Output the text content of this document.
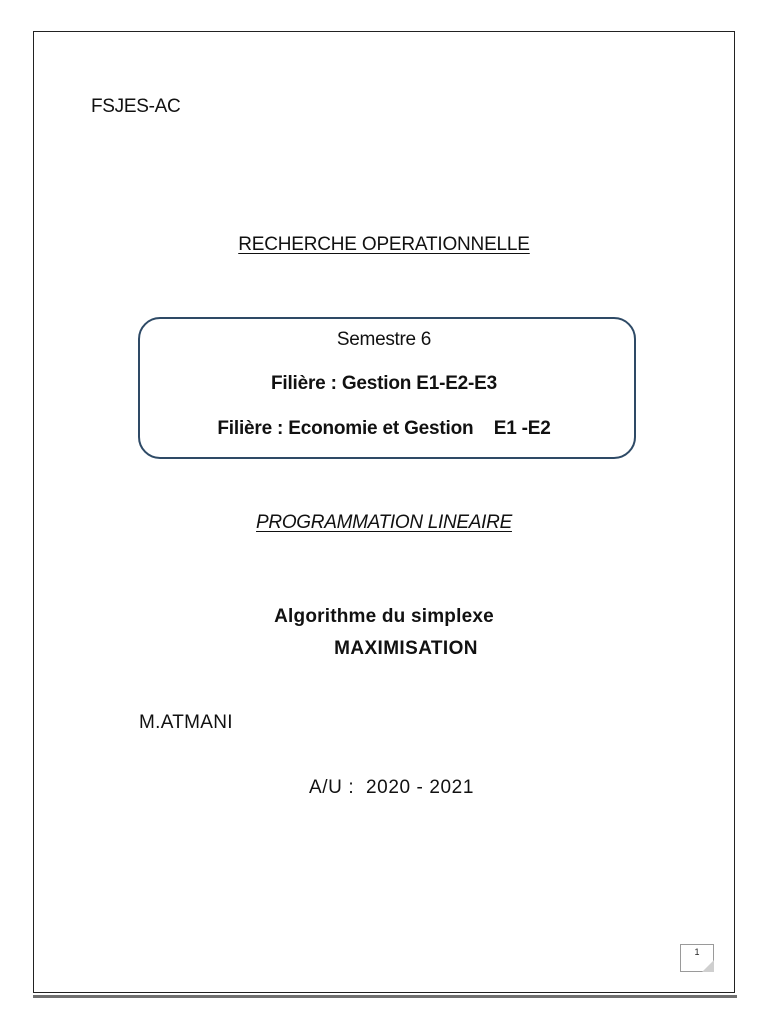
FSJES-AC
RECHERCHE OPERATIONNELLE
Semestre 6
Filière : Gestion E1-E2-E3
Filière : Economie et Gestion    E1 -E2
PROGRAMMATION LINEAIRE
Algorithme du simplexe
MAXIMISATION
M.ATMANI
A/U :  2020 - 2021
1
